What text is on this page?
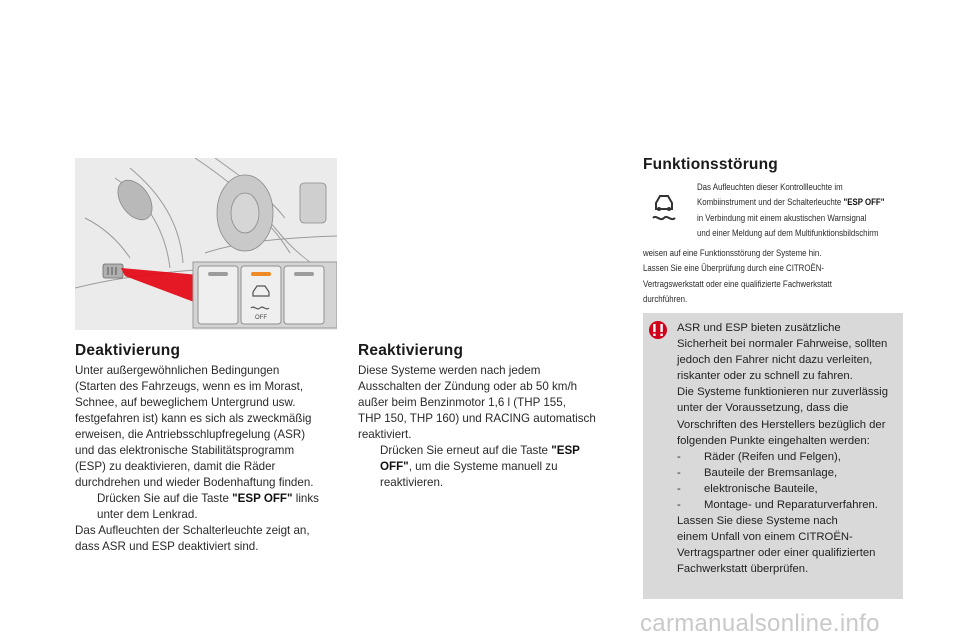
OFF
Funktionsstörung

Das Aufleuchten dieser Kontrollleuchte im

Kombiinstrument und der Schalterleuchte "ESP OFF"

in Verbindung mit einem akustischen Warnsignal

und einer Meldung auf dem Multifunktionsbildschirm

weisen auf eine Funktionsstörung der Systeme hin.

Lassen Sie eine Überprüfung durch eine CITROËN-

Vertragswerkstatt oder eine qualifizierte Fachwerkstatt

durchführen.

Deaktivierung

Unter außergewöhnlichen Bedingungen

(Starten des Fahrzeugs, wenn es im Morast,

Schnee, auf beweglichem Untergrund usw.

festgefahren ist) kann es sich als zweckmäßig

erweisen, die Antriebsschlupfregelung (ASR)

und das elektronische Stabilitätsprogramm

(ESP) zu deaktivieren, damit die Räder

durchdrehen und wieder Bodenhaftung finden.

Drücken Sie auf die Taste "ESP OFF" links

unter dem Lenkrad.

Das Aufleuchten der Schalterleuchte zeigt an,

dass ASR und ESP deaktiviert sind.

Reaktivierung

Diese Systeme werden nach jedem

Ausschalten der Zündung oder ab 50 km/h

außer beim Benzinmotor 1,6 l (THP 155,

THP 150, THP 160) und RACING automatisch

reaktiviert.

Drücken Sie erneut auf die Taste "ESP

OFF", um die Systeme manuell zu

reaktivieren.

ASR und ESP bieten zusätzliche

Sicherheit bei normaler Fahrweise, sollten

jedoch den Fahrer nicht dazu verleiten,

riskanter oder zu schnell zu fahren.

Die Systeme funktionieren nur zuverlässig

unter der Voraussetzung, dass die

Vorschriften des Herstellers bezüglich der

folgenden Punkte eingehalten werden:

- Räder (Reifen und Felgen),

- Bauteile der Bremsanlage,

- elektronische Bauteile,

- Montage- und Reparaturverfahren.

Lassen Sie diese Systeme nach

einem Unfall von einem CITROËN-

Vertragspartner oder einer qualifizierten

Fachwerkstatt überprüfen.

carmanualsonline.info
